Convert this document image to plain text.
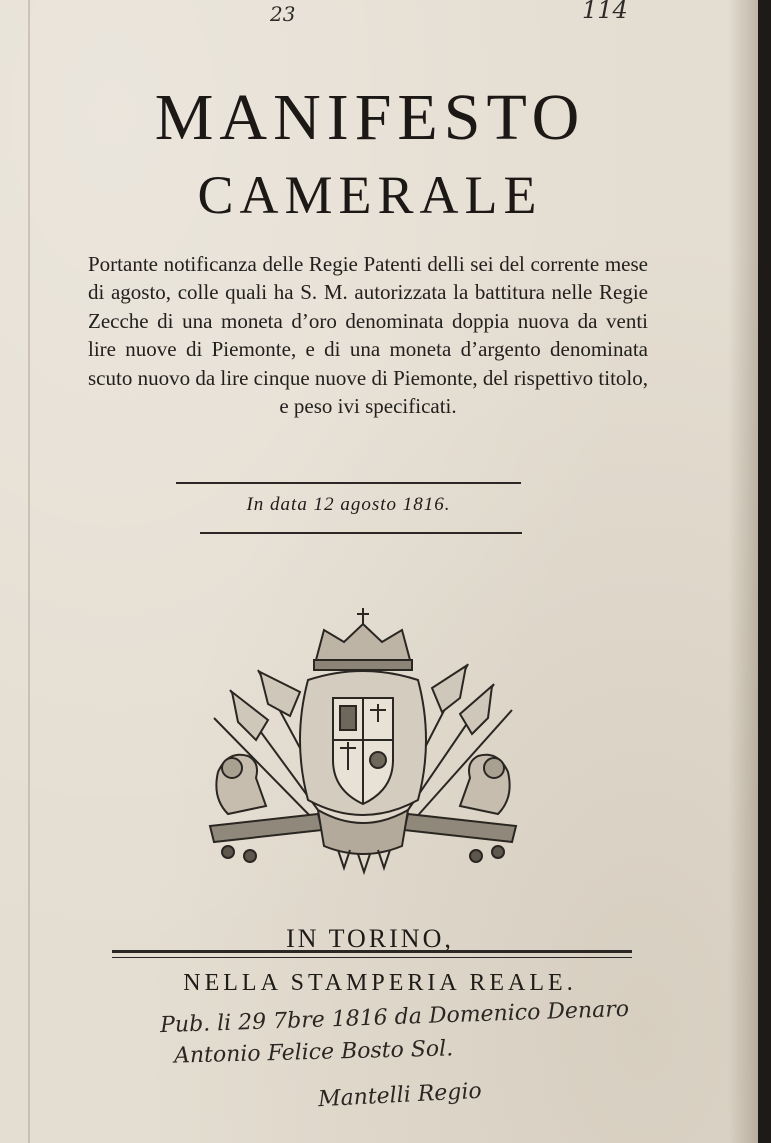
23	114
MANIFESTO
CAMERALE
Portante notificanza delle Regie Patenti delli sei del corrente mese di agosto, colle quali ha S. M. autorizzata la battitura nelle Regie Zecche di una moneta d’oro denominata doppia nuova da venti lire nuove di Piemonte, e di una moneta d’argento denominata scuto nuovo da lire cinque nuove di Piemonte, del rispettivo titolo, e peso ivi specificati.
In data 12 agosto 1816.
IN TORINO,
NELLA STAMPERIA REALE.
Pub. li 29 7bre 1816 da Domenico Denaro
Antonio Felice Bosto Sol.
Mantelli Regio
